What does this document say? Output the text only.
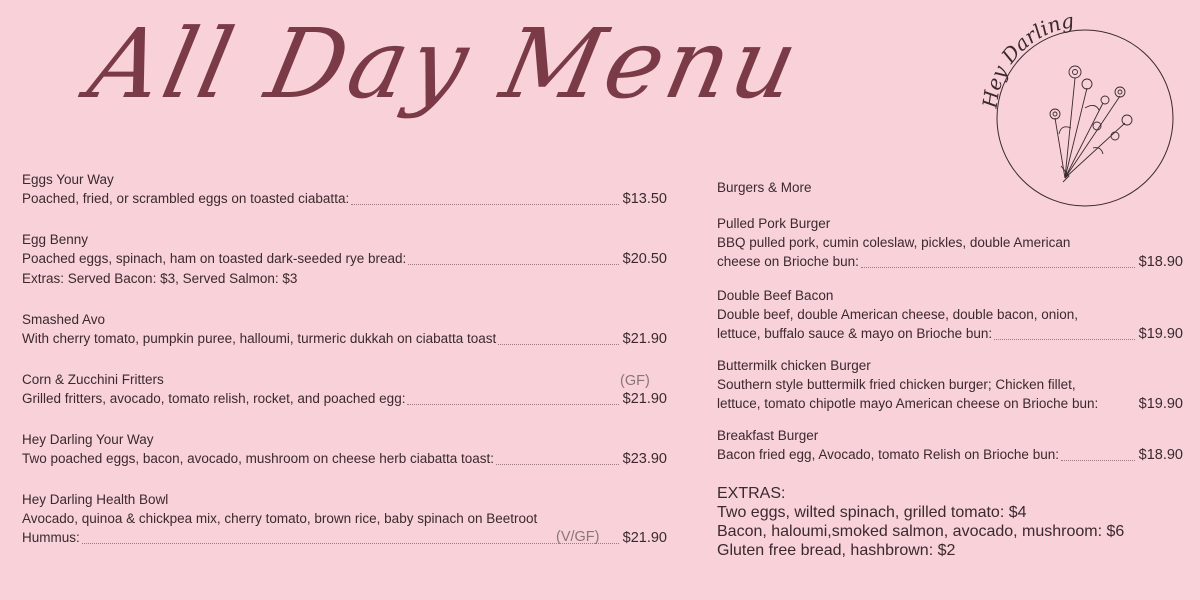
All Day Menu	Hey Darling
Eggs Your Way
Poached, fried, or scrambled eggs on toasted ciabatta:	$13.50
Egg Benny
Poached eggs, spinach, ham on toasted dark-seeded rye bread:	$20.50
Extras: Served Bacon: $3, Served Salmon: $3
Smashed Avo
With cherry tomato, pumpkin puree, halloumi, turmeric dukkah on ciabatta toast	$21.90
Corn & Zucchini Fritters
Grilled fritters, avocado, tomato relish, rocket, and poached egg:	$21.90
(GF)
Hey Darling Your Way
Two poached eggs, bacon, avocado, mushroom on cheese herb ciabatta toast:	$23.90
Hey Darling Health Bowl
Avocado, quinoa & chickpea mix, cherry tomato, brown rice, baby spinach on Beetroot
Hummus:	$21.90
(V/GF)
Burgers & More
Pulled Pork Burger
BBQ pulled pork, cumin coleslaw, pickles, double American
cheese on Brioche bun:	$18.90
Double Beef Bacon
Double beef, double American cheese, double bacon, onion,
lettuce, buffalo sauce & mayo on Brioche bun:	$19.90
Buttermilk chicken Burger
Southern style buttermilk fried chicken burger; Chicken fillet,
lettuce, tomato chipotle mayo American cheese on Brioche bun:	$19.90
Breakfast Burger
Bacon fried egg, Avocado, tomato Relish on Brioche bun:	$18.90
EXTRAS:
Two eggs, wilted spinach, grilled tomato: $4
Bacon, haloumi,smoked salmon, avocado, mushroom: $6
Gluten free bread, hashbrown: $2
